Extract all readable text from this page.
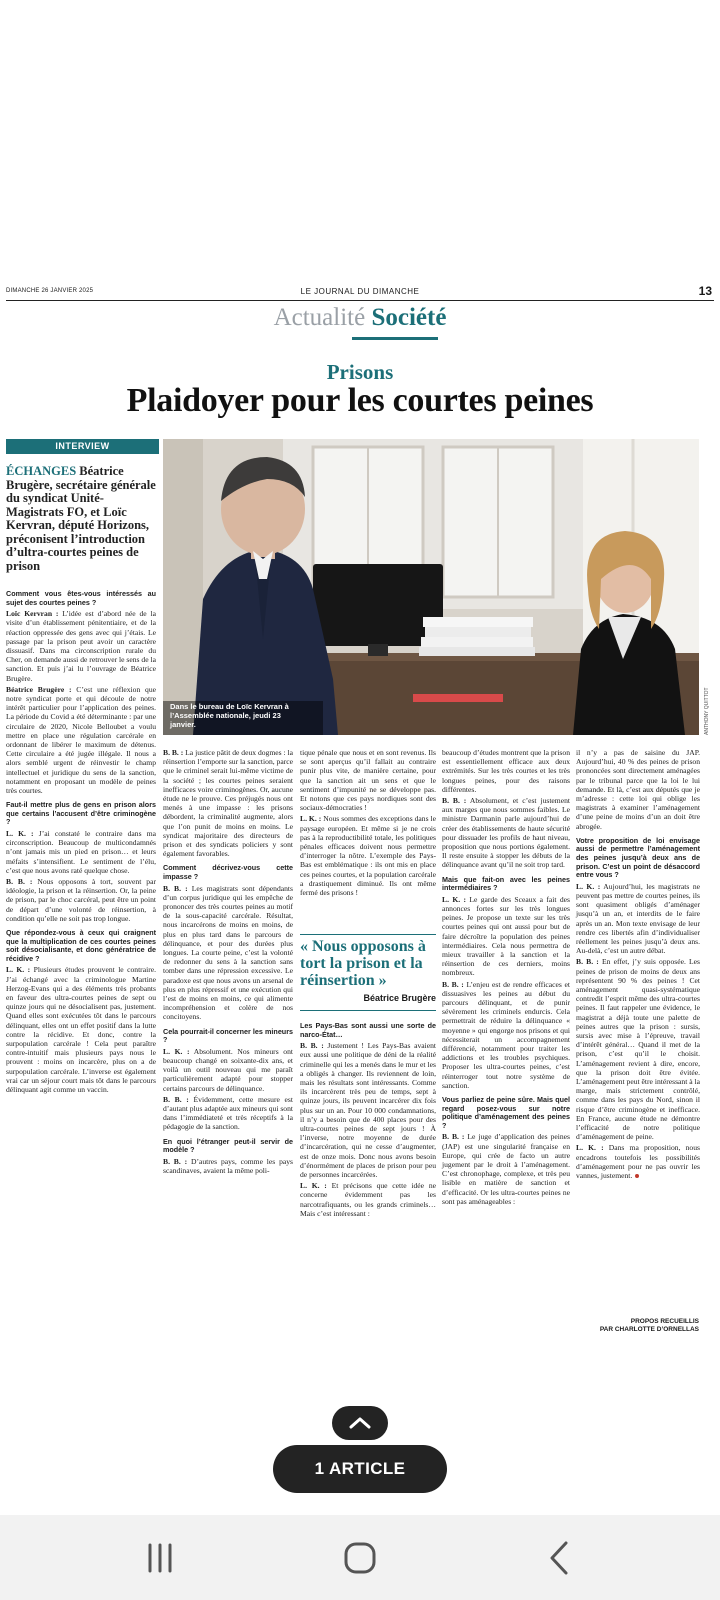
DIMANCHE 26 JANVIER 2025	LE JOURNAL DU DIMANCHE	13
Actualité Société
Prisons
Plaidoyer pour les courtes peines
INTERVIEW
ÉCHANGES Béatrice Brugère, secrétaire générale du syndicat Unité-Magistrats FO, et Loïc Kervran, député Horizons, préconisent l’introduction d’ultra-courtes peines de prison
Dans le bureau de Loïc Kervran à l’Assemblée nationale, jeudi 23 janvier.	ANTHONY QUITTOT
Comment vous êtes-vous intéressés au sujet des courtes peines ?

Loïc Kervran : L’idée est d’abord née de la visite d’un établissement pénitentiaire, et de la réaction oppressée des gens avec qui j’étais. Le passage par la prison peut avoir un caractère dissuasif. Dans ma circonscription rurale du Cher, on demande aussi de retrouver le sens de la sanction. Et puis j’ai lu l’ouvrage de Béatrice Brugère.

Béatrice Brugère : C’est une réflexion que notre syndicat porte et qui découle de notre intérêt particulier pour l’application des peines. La période du Covid a été déterminante : par une circulaire de 2020, Nicole Belloubet a voulu mettre en place une régulation carcérale en ordonnant de libérer le maximum de détenus. Cette circulaire a été jugée illégale. Il nous a alors semblé urgent de réinvestir le champ intellectuel et juridique du sens de la sanction, notamment en proposant un modèle de peines très courtes.

Faut-il mettre plus de gens en prison alors que certains l’accusent d’être criminogène ?

L. K. : J’ai constaté le contraire dans ma circonscription. Beaucoup de multicondamnés n’ont jamais mis un pied en prison… et leurs méfaits s’intensifient. Le sentiment de l’élu, c’est que nous avons raté quelque chose.

B. B. : Nous opposons à tort, souvent par idéologie, la prison et la réinsertion. Or, la peine de prison, par le choc carcéral, peut être un point de départ d’une volonté de réinsertion, à condition qu’elle ne soit pas trop longue.

Que répondez-vous à ceux qui craignent que la multiplication de ces courtes peines soit désocialisante, et donc génératrice de récidive ?

L. K. : Plusieurs études prouvent le contraire. J’ai échangé avec la criminologue Martine Herzog-Evans qui a des éléments très probants en faveur des ultra-courtes peines de sept ou quinze jours qui ne désocialisent pas, justement. Quand elles sont exécutées tôt dans le parcours délinquant, elles ont un effet positif dans la lutte contre la récidive. Et donc, contre la surpopulation carcérale ! Cela peut paraître contre-intuitif mais plusieurs pays nous le prouvent : moins on incarcère, plus on a de surpopulation carcérale. L’inverse est également vrai car un séjour court mais tôt dans le parcours délinquant agit comme un vaccin.

B. B. : La justice pâtit de deux dogmes : la réinsertion l’emporte sur la sanction, parce que le criminel serait lui-même victime de la société ; les courtes peines seraient inefficaces voire criminogènes. Or, aucune étude ne le prouve. Ces préjugés nous ont menés à une impasse : les prisons débordent, la criminalité augmente, alors que l’on punit de moins en moins. Le syndicat majoritaire des directeurs de prison et des syndicats policiers y sont également favorables.

Comment décrivez-vous cette impasse ?

B. B. : Les magistrats sont dépendants d’un corpus juridique qui les empêche de prononcer des très courtes peines au motif de la sous-capacité carcérale. Résultat, nous incarcérons de moins en moins, de plus en plus tard dans le parcours de délinquance, et pour des durées plus longues. La courte peine, c’est la volonté de redonner du sens à la sanction sans tomber dans une répression excessive. Le paradoxe est que nous avons un arsenal de plus en plus répressif et une exécution qui l’est de moins en moins, ce qui alimente incompréhension et colère de nos concitoyens.

Cela pourrait-il concerner les mineurs ?

L. K. : Absolument. Nos mineurs ont beaucoup changé en soixante-dix ans, et voilà un outil nouveau qui me paraît particulièrement adapté pour stopper certains parcours de délinquance.

B. B. : Évidemment, cette mesure est d’autant plus adaptée aux mineurs qui sont dans l’immédiateté et très réceptifs à la pédagogie de la sanction.

En quoi l’étranger peut-il servir de modèle ?

B. B. : D’autres pays, comme les pays scandinaves, avaient la même poli-

tique pénale que nous et en sont revenus. Ils se sont aperçus qu’il fallait au contraire punir plus vite, de manière certaine, pour que la sanction ait un sens et que le sentiment d’impunité ne se développe pas. Et notons que ces pays nordiques sont des sociaux-démocraties !

L. K. : Nous sommes des exceptions dans le paysage européen. Et même si je ne crois pas à la reproductibilité totale, les politiques pénales efficaces doivent nous permettre d’interroger la nôtre. L’exemple des Pays-Bas est emblématique : ils ont mis en place ces peines courtes, et la population carcérale a drastiquement diminué. Ils ont même fermé des prisons !

« Nous opposons à tort la prison et la réinsertion »
Béatrice Brugère
Les Pays-Bas sont aussi une sorte de narco-État…

B. B. : Justement ! Les Pays-Bas avaient eux aussi une politique de déni de la réalité criminelle qui les a menés dans le mur et les a obligés à changer. Ils reviennent de loin, mais les résultats sont intéressants. Comme ils incarcèrent très peu de temps, sept à quinze jours, ils peuvent incarcérer dix fois plus sur un an. Pour 10 000 condamnations, il n’y a besoin que de 400 places pour des ultra-courtes peines de sept jours ! À l’inverse, notre moyenne de durée d’incarcération, qui ne cesse d’augmenter, est de onze mois. Donc nous avons besoin d’énormément de places de prison pour peu de personnes incarcérées.

L. K. : Et précisons que cette idée ne concerne évidemment pas les narcotrafiquants, ou les grands criminels… Mais c’est intéressant :

beaucoup d’études montrent que la prison est essentiellement efficace aux deux extrémités. Sur les très courtes et les très longues peines, pour des raisons différentes.

B. B. : Absolument, et c’est justement aux marges que nous sommes faibles. Le ministre Darmanin parle aujourd’hui de créer des établissements de haute sécurité pour dissuader les profils de haut niveau, proposition que nous portions également. Il reste ensuite à stopper les débuts de la délinquance avant qu’il ne soit trop tard.

Mais que fait-on avec les peines intermédiaires ?

L. K. : Le garde des Sceaux a fait des annonces fortes sur les très longues peines. Je propose un texte sur les très courtes peines qui ont aussi pour but de faire décroître la population des peines intermédiaires. Cela nous permettra de mieux travailler à la sanction et la réinsertion de ces derniers, moins nombreux.

B. B. : L’enjeu est de rendre efficaces et dissuasives les peines au début du parcours délinquant, et de punir sévèrement les criminels endurcis. Cela permettrait de réduire la délinquance « moyenne » qui engorge nos prisons et qui nécessiterait un accompagnement différencié, notamment pour traiter les addictions et les troubles psychiques. Proposer les ultra-courtes peines, c’est réinterroger tout notre système de sanction.

Vous parliez de peine sûre. Mais quel regard posez-vous sur notre politique d’aménagement des peines ?

B. B. : Le juge d’application des peines (JAP) est une singularité française en Europe, qui crée de facto un autre jugement par le droit à l’aménagement. C’est chronophage, complexe, et très peu lisible en matière de sanction et d’efficacité. Or les ultra-courtes peines ne sont pas aménageables :

il n’y a pas de saisine du JAP. Aujourd’hui, 40 % des peines de prison prononcées sont directement aménagées par le tribunal parce que la loi le lui demande. Et là, c’est aux députés que je m’adresse : cette loi qui oblige les magistrats à examiner l’aménagement d’une peine de moins d’un an doit être abrogée.

Votre proposition de loi envisage aussi de permettre l’aménagement des peines jusqu’à deux ans de prison. C’est un point de désaccord entre vous ?

L. K. : Aujourd’hui, les magistrats ne peuvent pas mettre de courtes peines, ils sont quasiment obligés d’aménager jusqu’à un an, et interdits de le faire après un an. Mon texte envisage de leur rendre ces libertés afin d’individualiser réellement les peines jusqu’à deux ans. Au-delà, c’est un autre débat.

B. B. : En effet, j’y suis opposée. Les peines de prison de moins de deux ans représentent 90 % des peines ! Cet aménagement quasi-systématique contredit l’esprit même des ultra-courtes peines. Il faut rappeler une évidence, le magistrat a déjà toute une palette de peines autres que la prison : sursis, sursis avec mise à l’épreuve, travail d’intérêt général… Quand il met de la prison, c’est qu’il le choisit. L’aménagement revient à dire, encore, que la prison doit être évitée. L’aménagement peut être intéressant à la marge, mais strictement contrôlé, comme dans les pays du Nord, sinon il risque d’être criminogène et inefficace. En France, aucune étude ne démontre l’efficacité de notre politique d’aménagement de peine.

L. K. : Dans ma proposition, nous encadrons toutefois les possibilités d’aménagement pour ne pas ouvrir les vannes, justement.

PROPOS RECUEILLIS
PAR CHARLOTTE D’ORNELLAS
1 ARTICLE
